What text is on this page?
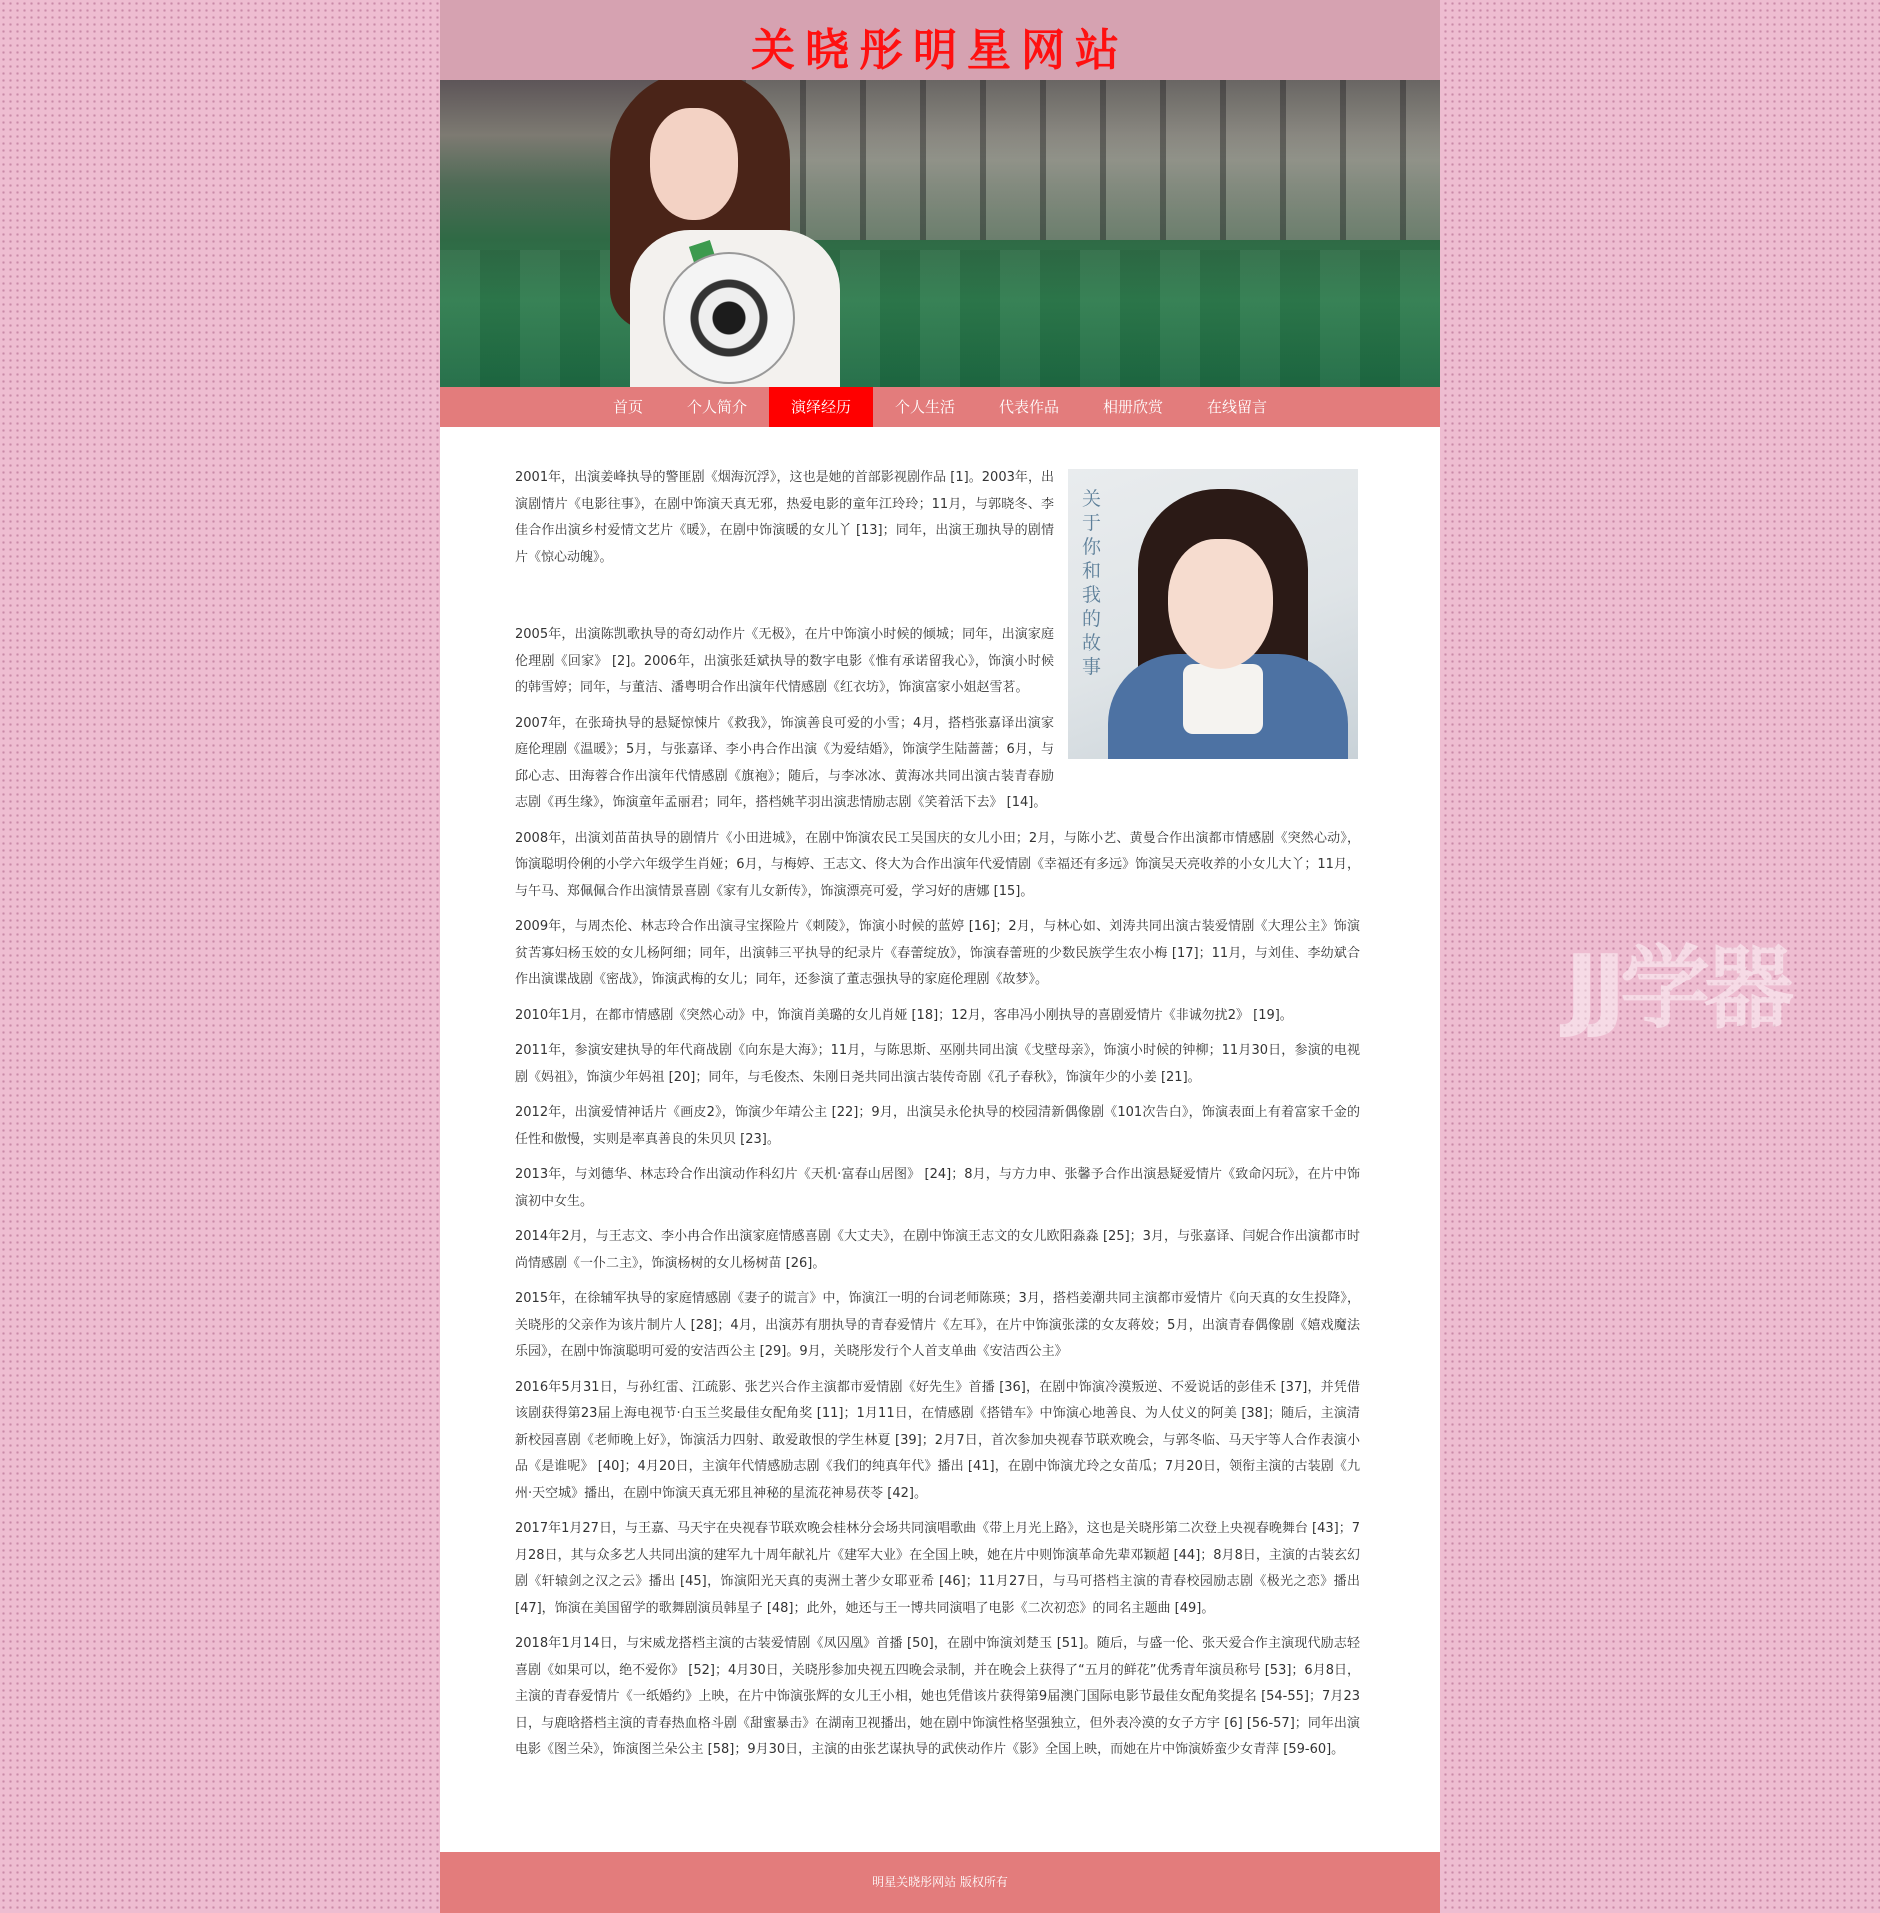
JJ学器
关晓彤明星网站
首页	个人简介	演绎经历	个人生活	代表作品	相册欣赏	在线留言
关于你和我的故事

2001年，出演姜峰执导的警匪剧《烟海沉浮》，这也是她的首部影视剧作品 [1]。2003年，出演剧情片《电影往事》，在剧中饰演天真无邪，热爱电影的童年江玲玲；11月，与郭晓冬、李佳合作出演乡村爱情文艺片《暖》，在剧中饰演暖的女儿丫 [13]；同年，出演王珈执导的剧情片《惊心动魄》。

2005年，出演陈凯歌执导的奇幻动作片《无极》，在片中饰演小时候的倾城；同年，出演家庭伦理剧《回家》 [2]。2006年，出演张廷斌执导的数字电影《惟有承诺留我心》，饰演小时候的韩雪婷；同年，与董洁、潘粤明合作出演年代情感剧《红衣坊》，饰演富家小姐赵雪茗。

2007年，在张琦执导的悬疑惊悚片《救我》，饰演善良可爱的小雪；4月，搭档张嘉译出演家庭伦理剧《温暖》；5月，与张嘉译、李小冉合作出演《为爱结婚》，饰演学生陆蔷蔷；6月，与邱心志、田海蓉合作出演年代情感剧《旗袍》；随后，与李冰冰、黄海冰共同出演古装青春励志剧《再生缘》，饰演童年孟丽君；同年，搭档姚芊羽出演悲情励志剧《笑着活下去》 [14]。

2008年，出演刘苗苗执导的剧情片《小田进城》，在剧中饰演农民工吴国庆的女儿小田；2月，与陈小艺、黄曼合作出演都市情感剧《突然心动》，饰演聪明伶俐的小学六年级学生肖娅；6月，与梅婷、王志文、佟大为合作出演年代爱情剧《幸福还有多远》饰演吴天亮收养的小女儿大丫；11月，与午马、郑佩佩合作出演情景喜剧《家有儿女新传》，饰演漂亮可爱，学习好的唐娜 [15]。

2009年，与周杰伦、林志玲合作出演寻宝探险片《刺陵》，饰演小时候的蓝婷 [16]；2月，与林心如、刘涛共同出演古装爱情剧《大理公主》饰演贫苦寡妇杨玉姣的女儿杨阿细；同年，出演韩三平执导的纪录片《春蕾绽放》，饰演春蕾班的少数民族学生农小梅 [17]；11月，与刘佳、李幼斌合作出演谍战剧《密战》，饰演武梅的女儿；同年，还参演了董志强执导的家庭伦理剧《故梦》。

2010年1月，在都市情感剧《突然心动》中，饰演肖美璐的女儿肖娅 [18]；12月，客串冯小刚执导的喜剧爱情片《非诚勿扰2》 [19]。

2011年，参演安建执导的年代商战剧《向东是大海》；11月，与陈思斯、巫刚共同出演《戈壁母亲》，饰演小时候的钟柳；11月30日，参演的电视剧《妈祖》，饰演少年妈祖 [20]；同年，与毛俊杰、朱刚日尧共同出演古装传奇剧《孔子春秋》，饰演年少的小姜 [21]。

2012年，出演爱情神话片《画皮2》，饰演少年靖公主 [22]；9月，出演吴永伦执导的校园清新偶像剧《101次告白》，饰演表面上有着富家千金的任性和傲慢，实则是率真善良的朱贝贝 [23]。

2013年，与刘德华、林志玲合作出演动作科幻片《天机·富春山居图》 [24]；8月，与方力申、张馨予合作出演悬疑爱情片《致命闪玩》，在片中饰演初中女生。

2014年2月，与王志文、李小冉合作出演家庭情感喜剧《大丈夫》，在剧中饰演王志文的女儿欧阳淼淼 [25]；3月，与张嘉译、闫妮合作出演都市时尚情感剧《一仆二主》，饰演杨树的女儿杨树苗 [26]。

2015年，在徐辅军执导的家庭情感剧《妻子的谎言》中，饰演江一明的台词老师陈瑛；3月，搭档姜潮共同主演都市爱情片《向天真的女生投降》，关晓彤的父亲作为该片制片人 [28]；4月，出演苏有朋执导的青春爱情片《左耳》，在片中饰演张漾的女友蒋姣；5月，出演青春偶像剧《嬉戏魔法乐园》，在剧中饰演聪明可爱的安洁西公主 [29]。9月，关晓彤发行个人首支单曲《安洁西公主》

2016年5月31日，与孙红雷、江疏影、张艺兴合作主演都市爱情剧《好先生》首播 [36]，在剧中饰演冷漠叛逆、不爱说话的彭佳禾 [37]，并凭借该剧获得第23届上海电视节·白玉兰奖最佳女配角奖 [11]；1月11日，在情感剧《搭错车》中饰演心地善良、为人仗义的阿美 [38]；随后，主演清新校园喜剧《老师晚上好》，饰演活力四射、敢爱敢恨的学生林夏 [39]；2月7日，首次参加央视春节联欢晚会，与郭冬临、马天宇等人合作表演小品《是谁呢》 [40]；4月20日，主演年代情感励志剧《我们的纯真年代》播出 [41]，在剧中饰演尤玲之女苗瓜；7月20日，领衔主演的古装剧《九州·天空城》播出，在剧中饰演天真无邪且神秘的星流花神易茯苓 [42]。

2017年1月27日，与王嘉、马天宇在央视春节联欢晚会桂林分会场共同演唱歌曲《带上月光上路》，这也是关晓彤第二次登上央视春晚舞台 [43]；7月28日，其与众多艺人共同出演的建军九十周年献礼片《建军大业》在全国上映，她在片中则饰演革命先辈邓颖超 [44]；8月8日，主演的古装玄幻剧《轩辕剑之汉之云》播出 [45]，饰演阳光天真的夷洲土著少女耶亚希 [46]；11月27日，与马可搭档主演的青春校园励志剧《极光之恋》播出 [47]，饰演在美国留学的歌舞剧演员韩星子 [48]；此外，她还与王一博共同演唱了电影《二次初恋》的同名主题曲 [49]。

2018年1月14日，与宋威龙搭档主演的古装爱情剧《凤囚凰》首播 [50]，在剧中饰演刘楚玉 [51]。随后，与盛一伦、张天爱合作主演现代励志轻喜剧《如果可以，绝不爱你》 [52]；4月30日，关晓彤参加央视五四晚会录制，并在晚会上获得了“五月的鲜花”优秀青年演员称号 [53]；6月8日，主演的青春爱情片《一纸婚约》上映，在片中饰演张辉的女儿王小相，她也凭借该片获得第9届澳门国际电影节最佳女配角奖提名 [54-55]；7月23日，与鹿晗搭档主演的青春热血格斗剧《甜蜜暴击》在湖南卫视播出，她在剧中饰演性格坚强独立，但外表冷漠的女子方宇 [6] [56-57]；同年出演电影《图兰朵》，饰演图兰朵公主 [58]；9月30日，主演的由张艺谋执导的武侠动作片《影》全国上映，而她在片中饰演娇蛮少女青萍 [59-60]。

明星关晓彤网站 版权所有
